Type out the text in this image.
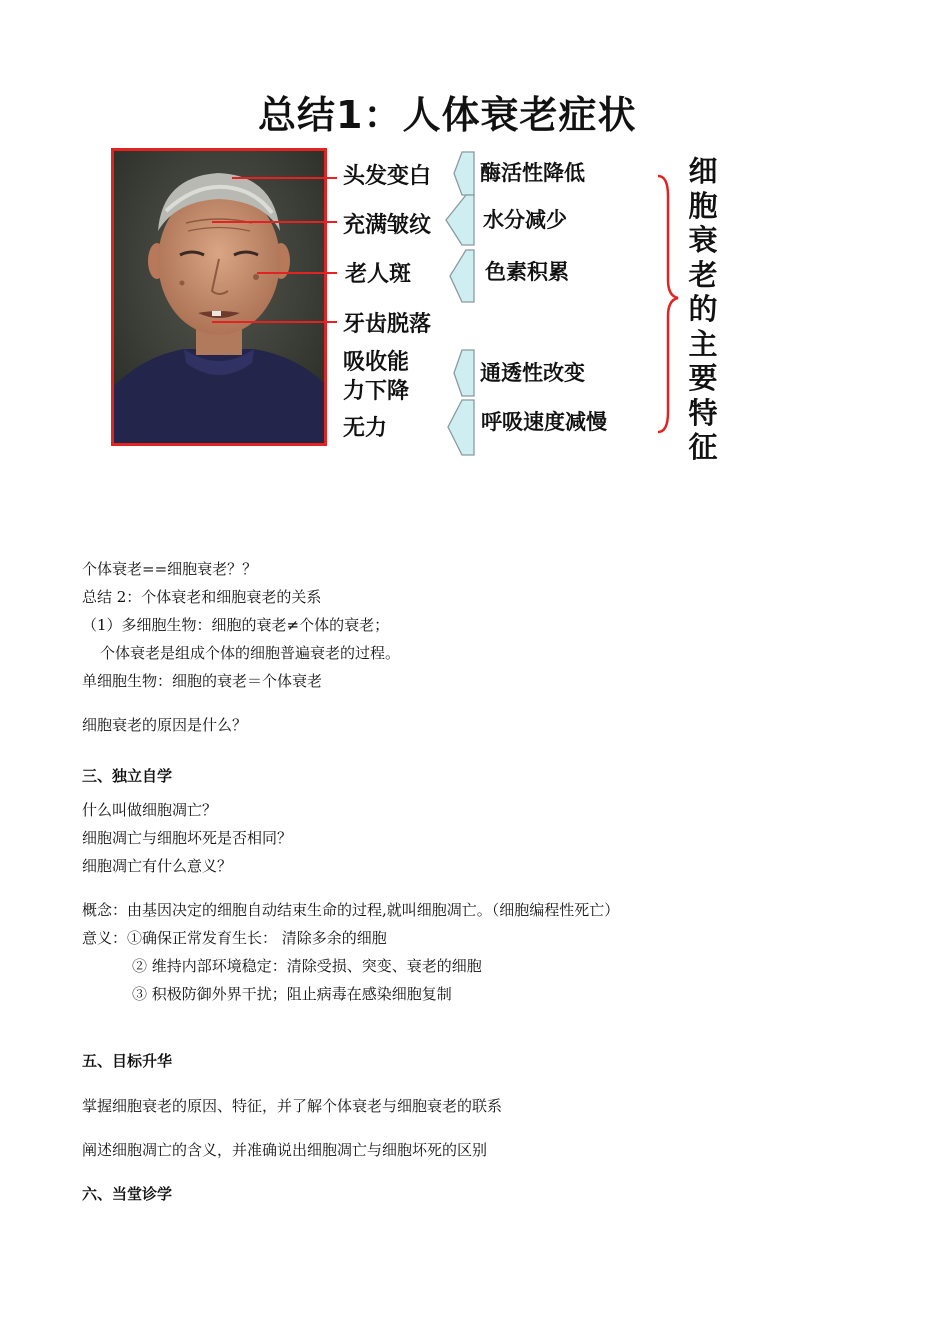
总结1：人体衰老症状
头发变白
充满皱纹
老人斑
牙齿脱落
吸收能
力下降
无力
酶活性降低
水分减少
色素积累
通透性改变
呼吸速度减慢
细胞衰老的主要特征
个体衰老==细胞衰老？？
总结 2：个体衰老和细胞衰老的关系
（1）多细胞生物：细胞的衰老≠个体的衰老；
个体衰老是组成个体的细胞普遍衰老的过程。
单细胞生物：细胞的衰老＝个体衰老
细胞衰老的原因是什么？
三、独立自学
什么叫做细胞凋亡？
细胞凋亡与细胞坏死是否相同？
细胞凋亡有什么意义？
概念：由基因决定的细胞自动结束生命的过程,就叫细胞凋亡。（细胞编程性死亡）
意义：①确保正常发育生长： 清除多余的细胞
② 维持内部环境稳定：清除受损、突变、衰老的细胞
③ 积极防御外界干扰；阻止病毒在感染细胞复制
五、目标升华
掌握细胞衰老的原因、特征，并了解个体衰老与细胞衰老的联系
阐述细胞凋亡的含义，并准确说出细胞凋亡与细胞坏死的区别
六、当堂诊学
